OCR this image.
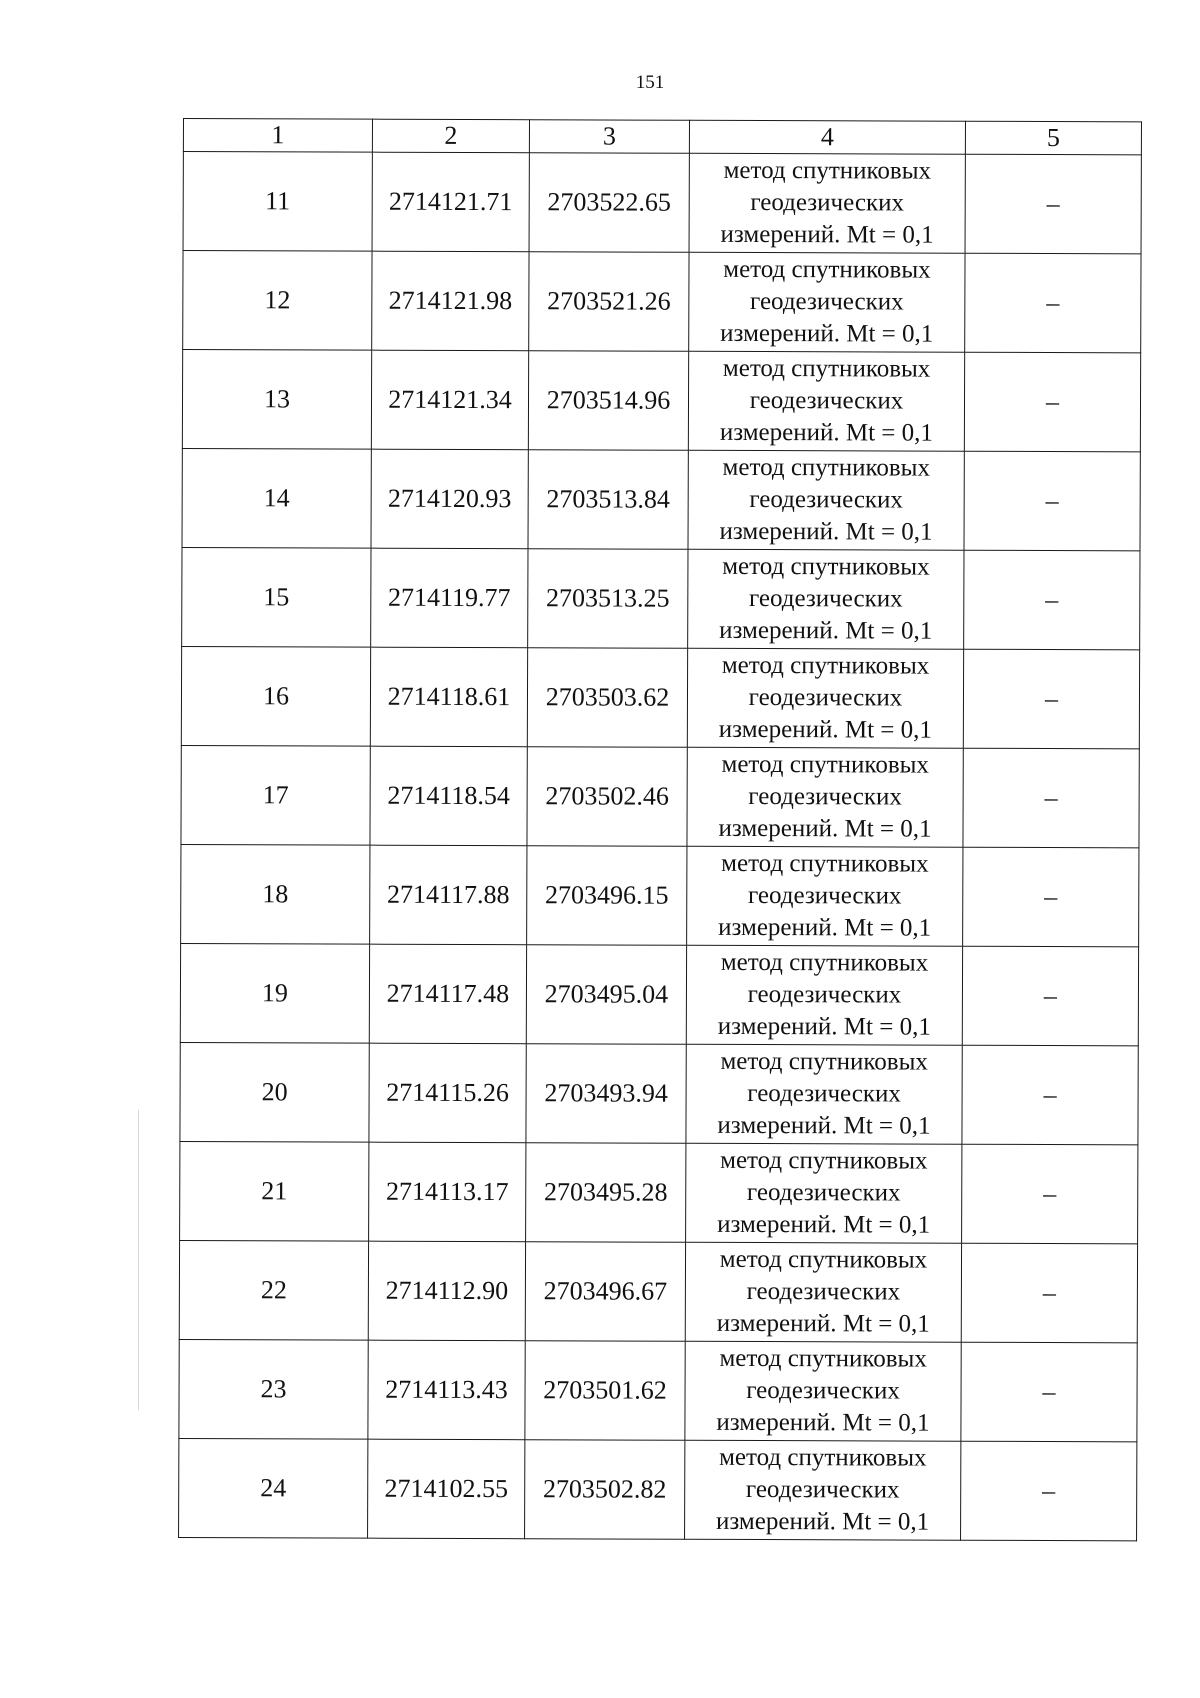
151
1	2	3	4	5
11	2714121.71	2703522.65	метод спутниковых
геодезических
измерений. Mt = 0,1	–
12	2714121.98	2703521.26	метод спутниковых
геодезических
измерений. Mt = 0,1	–
13	2714121.34	2703514.96	метод спутниковых
геодезических
измерений. Mt = 0,1	–
14	2714120.93	2703513.84	метод спутниковых
геодезических
измерений. Mt = 0,1	–
15	2714119.77	2703513.25	метод спутниковых
геодезических
измерений. Mt = 0,1	–
16	2714118.61	2703503.62	метод спутниковых
геодезических
измерений. Mt = 0,1	–
17	2714118.54	2703502.46	метод спутниковых
геодезических
измерений. Mt = 0,1	–
18	2714117.88	2703496.15	метод спутниковых
геодезических
измерений. Mt = 0,1	–
19	2714117.48	2703495.04	метод спутниковых
геодезических
измерений. Mt = 0,1	–
20	2714115.26	2703493.94	метод спутниковых
геодезических
измерений. Mt = 0,1	–
21	2714113.17	2703495.28	метод спутниковых
геодезических
измерений. Mt = 0,1	–
22	2714112.90	2703496.67	метод спутниковых
геодезических
измерений. Mt = 0,1	–
23	2714113.43	2703501.62	метод спутниковых
геодезических
измерений. Mt = 0,1	–
24	2714102.55	2703502.82	метод спутниковых
геодезических
измерений. Mt = 0,1	–
